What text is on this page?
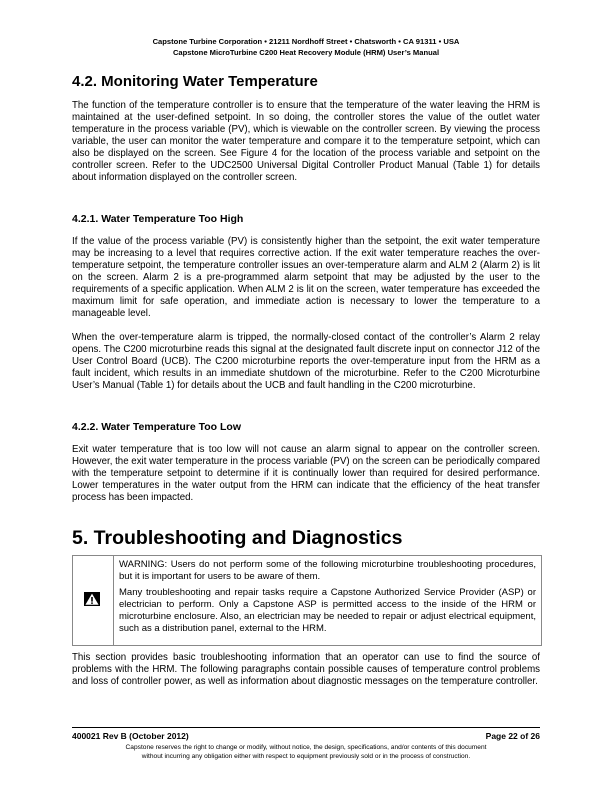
Capstone Turbine Corporation • 21211 Nordhoff Street • Chatsworth • CA 91311 • USA
Capstone MicroTurbine C200 Heat Recovery Module (HRM) User’s Manual
4.2. Monitoring Water Temperature

The function of the temperature controller is to ensure that the temperature of the water leaving the HRM is maintained at the user-defined setpoint. In so doing, the controller stores the value of the outlet water temperature in the process variable (PV), which is viewable on the controller screen. By viewing the process variable, the user can monitor the water temperature and compare it to the temperature setpoint, which can also be displayed on the screen. See Figure 4 for the location of the process variable and setpoint on the controller screen. Refer to the UDC2500 Universal Digital Controller Product Manual (Table 1) for details about information displayed on the controller screen.

4.2.1. Water Temperature Too High

If the value of the process variable (PV) is consistently higher than the setpoint, the exit water temperature may be increasing to a level that requires corrective action. If the exit water temperature reaches the over-temperature setpoint, the temperature controller issues an over-temperature alarm and ALM 2 (Alarm 2) is lit on the screen. Alarm 2 is a pre-programmed alarm setpoint that may be adjusted by the user to the requirements of a specific application. When ALM 2 is lit on the screen, water temperature has exceeded the maximum limit for safe operation, and immediate action is necessary to lower the temperature to a manageable level.

When the over-temperature alarm is tripped, the normally-closed contact of the controller’s Alarm 2 relay opens. The C200 microturbine reads this signal at the designated fault discrete input on connector J12 of the User Control Board (UCB). The C200 microturbine reports the over-temperature input from the HRM as a fault incident, which results in an immediate shutdown of the microturbine. Refer to the C200 Microturbine User’s Manual (Table 1) for details about the UCB and fault handling in the C200 microturbine.

4.2.2. Water Temperature Too Low

Exit water temperature that is too low will not cause an alarm signal to appear on the controller screen. However, the exit water temperature in the process variable (PV) on the screen can be periodically compared with the temperature setpoint to determine if it is continually lower than required for desired performance. Lower temperatures in the water output from the HRM can indicate that the efficiency of the heat transfer process has been impacted.

5. Troubleshooting and Diagnostics

WARNING: Users do not perform some of the following microturbine troubleshooting procedures, but it is important for users to be aware of them.

Many troubleshooting and repair tasks require a Capstone Authorized Service Provider (ASP) or electrician to perform. Only a Capstone ASP is permitted access to the inside of the HRM or microturbine enclosure. Also, an electrician may be needed to repair or adjust electrical equipment, such as a distribution panel, external to the HRM.

This section provides basic troubleshooting information that an operator can use to find the source of problems with the HRM. The following paragraphs contain possible causes of temperature control problems and loss of controller power, as well as information about diagnostic messages on the temperature controller.

400021 Rev B (October 2012)	Page 22 of 26
Capstone reserves the right to change or modify, without notice, the design, specifications, and/or contents of this document
without incurring any obligation either with respect to equipment previously sold or in the process of construction.
